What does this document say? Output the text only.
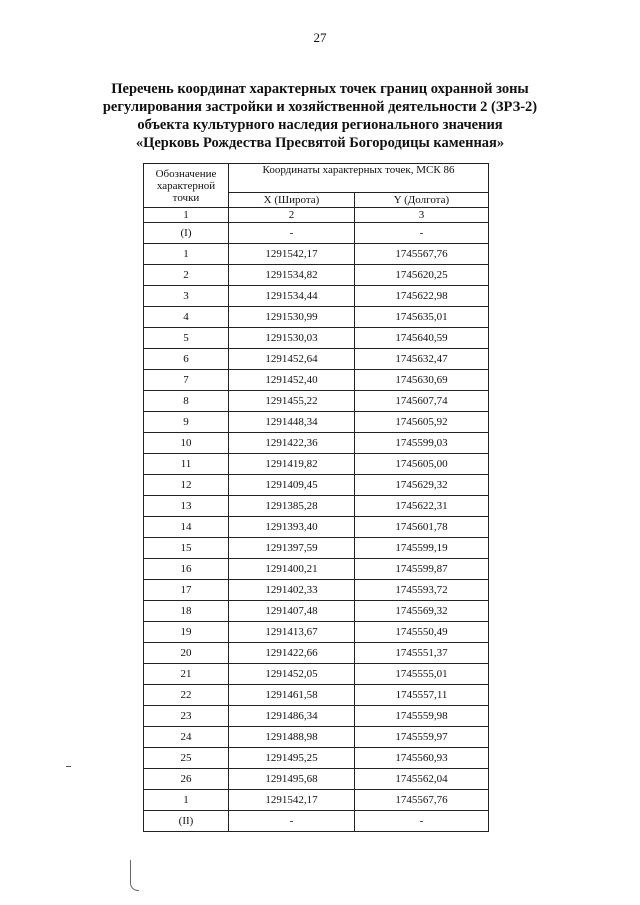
27
Перечень координат характерных точек границ охранной зоны
регулирования застройки и хозяйственной деятельности 2 (ЗРЗ-2)
объекта культурного наследия регионального значения
«Церковь Рождества Пресвятой Богородицы каменная»
Обозначение характерной точки	Координаты характерных точек, МСК 86	
	X (Широта)	Y (Долгота)
1	2	3
(I)	-	-
1	1291542,17	1745567,76
2	1291534,82	1745620,25
3	1291534,44	1745622,98
4	1291530,99	1745635,01
5	1291530,03	1745640,59
6	1291452,64	1745632,47
7	1291452,40	1745630,69
8	1291455,22	1745607,74
9	1291448,34	1745605,92
10	1291422,36	1745599,03
11	1291419,82	1745605,00
12	1291409,45	1745629,32
13	1291385,28	1745622,31
14	1291393,40	1745601,78
15	1291397,59	1745599,19
16	1291400,21	1745599,87
17	1291402,33	1745593,72
18	1291407,48	1745569,32
19	1291413,67	1745550,49
20	1291422,66	1745551,37
21	1291452,05	1745555,01
22	1291461,58	1745557,11
23	1291486,34	1745559,98
24	1291488,98	1745559,97
25	1291495,25	1745560,93
26	1291495,68	1745562,04
1	1291542,17	1745567,76
(II)	-	-
